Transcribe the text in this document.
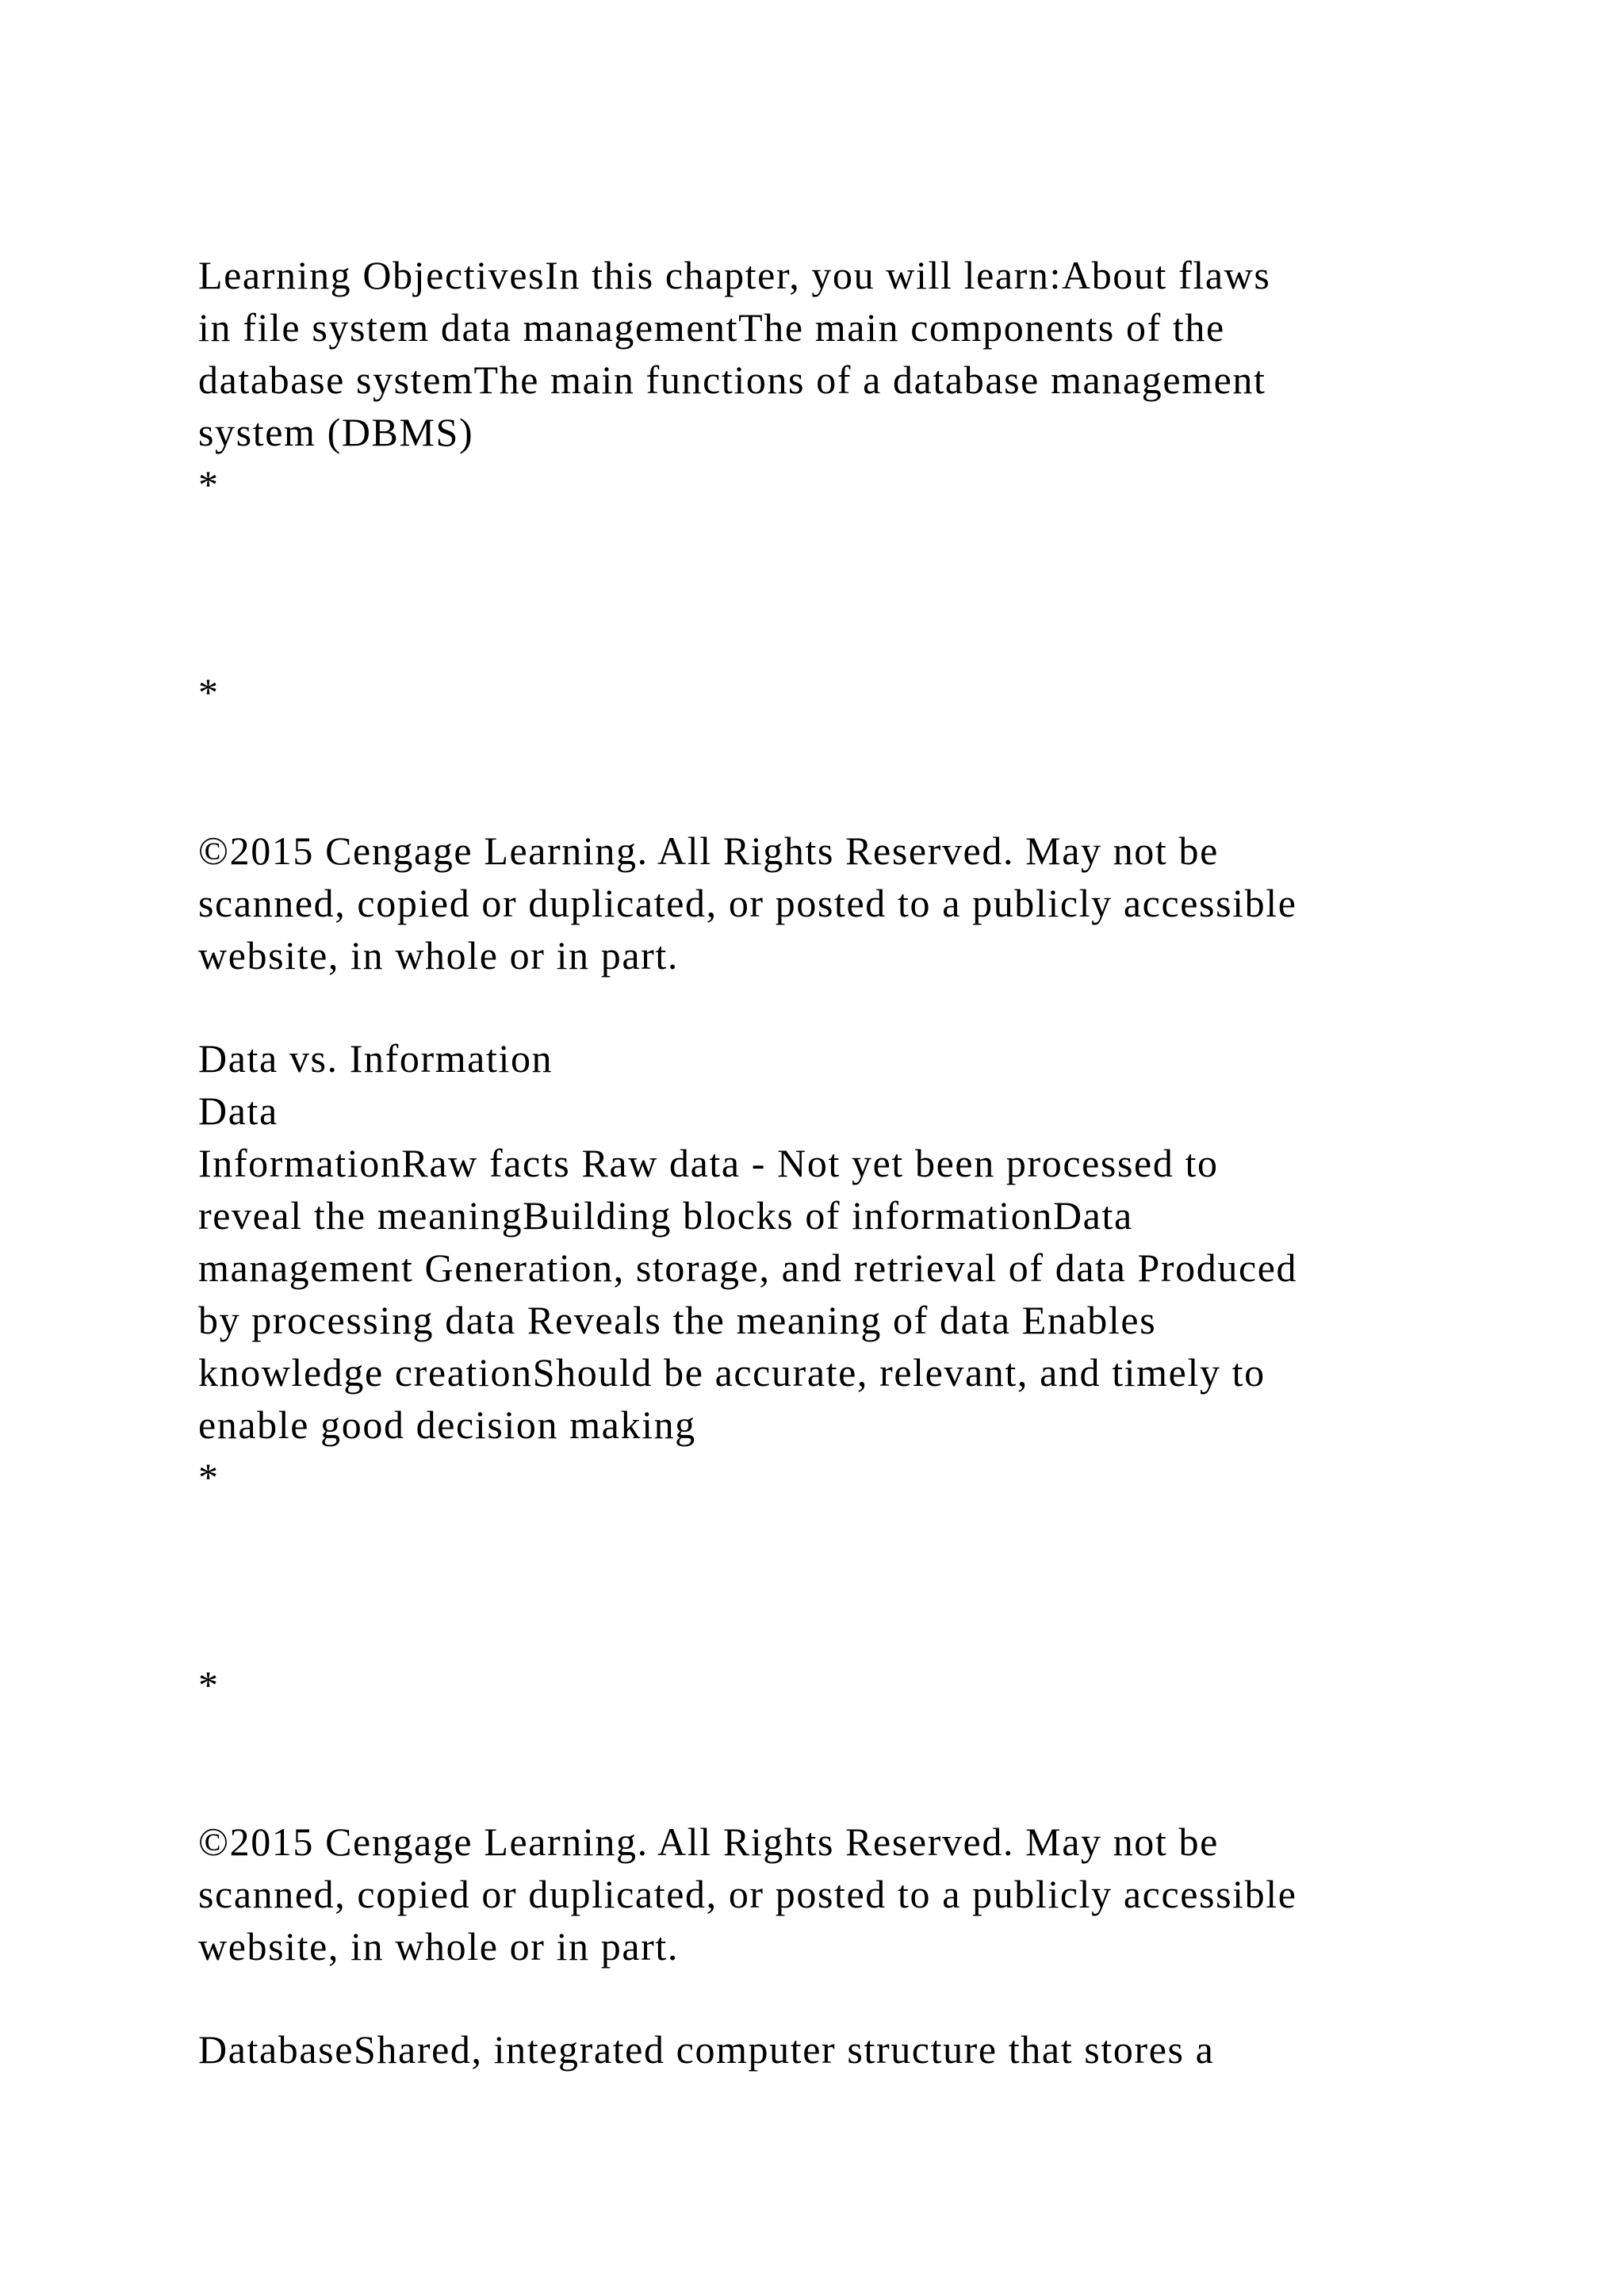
Learning ObjectivesIn this chapter, you will learn:About flaws
in file system data managementThe main components of the
database systemThe main functions of a database management
system (DBMS)

*

*

©2015 Cengage Learning. All Rights Reserved. May not be
scanned, copied or duplicated, or posted to a publicly accessible
website, in whole or in part.

Data vs. Information
Data
InformationRaw facts Raw data - Not yet been processed to
reveal the meaningBuilding blocks of informationData
management Generation, storage, and retrieval of data Produced
by processing data Reveals the meaning of data Enables
knowledge creationShould be accurate, relevant, and timely to
enable good decision making

*

*

©2015 Cengage Learning. All Rights Reserved. May not be
scanned, copied or duplicated, or posted to a publicly accessible
website, in whole or in part.

DatabaseShared, integrated computer structure that stores a
